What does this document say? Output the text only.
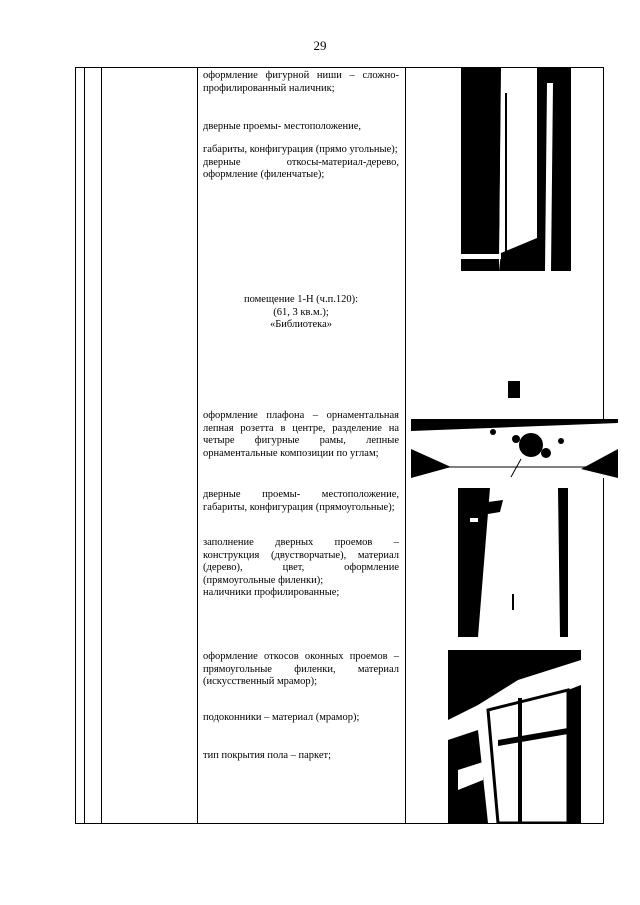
29

оформление фигурной ниши – сложно-профилированный наличник;

дверные проемы- местоположение,

габариты, конфигурация (прямо угольные);

дверные откосы-материал-дерево, оформление (филенчатые);

помещение 1-Н (ч.п.120):
(61, 3 кв.м.);
«Библиотека»

оформление плафона – орнаментальная лепная розетта в центре, разделение на четыре фигурные рамы, лепные орнаментальные композиции по углам;

дверные проемы- местоположение, габариты, конфигурация (прямоугольные);

заполнение дверных проемов – конструкция (двустворчатые), материал (дерево), цвет, оформление (прямоугольные филенки);

наличники профилированные;

оформление откосов оконных проемов – прямоугольные филенки, материал (искусственный мрамор);

подоконники – материал (мрамор);

тип покрытия пола – паркет;
